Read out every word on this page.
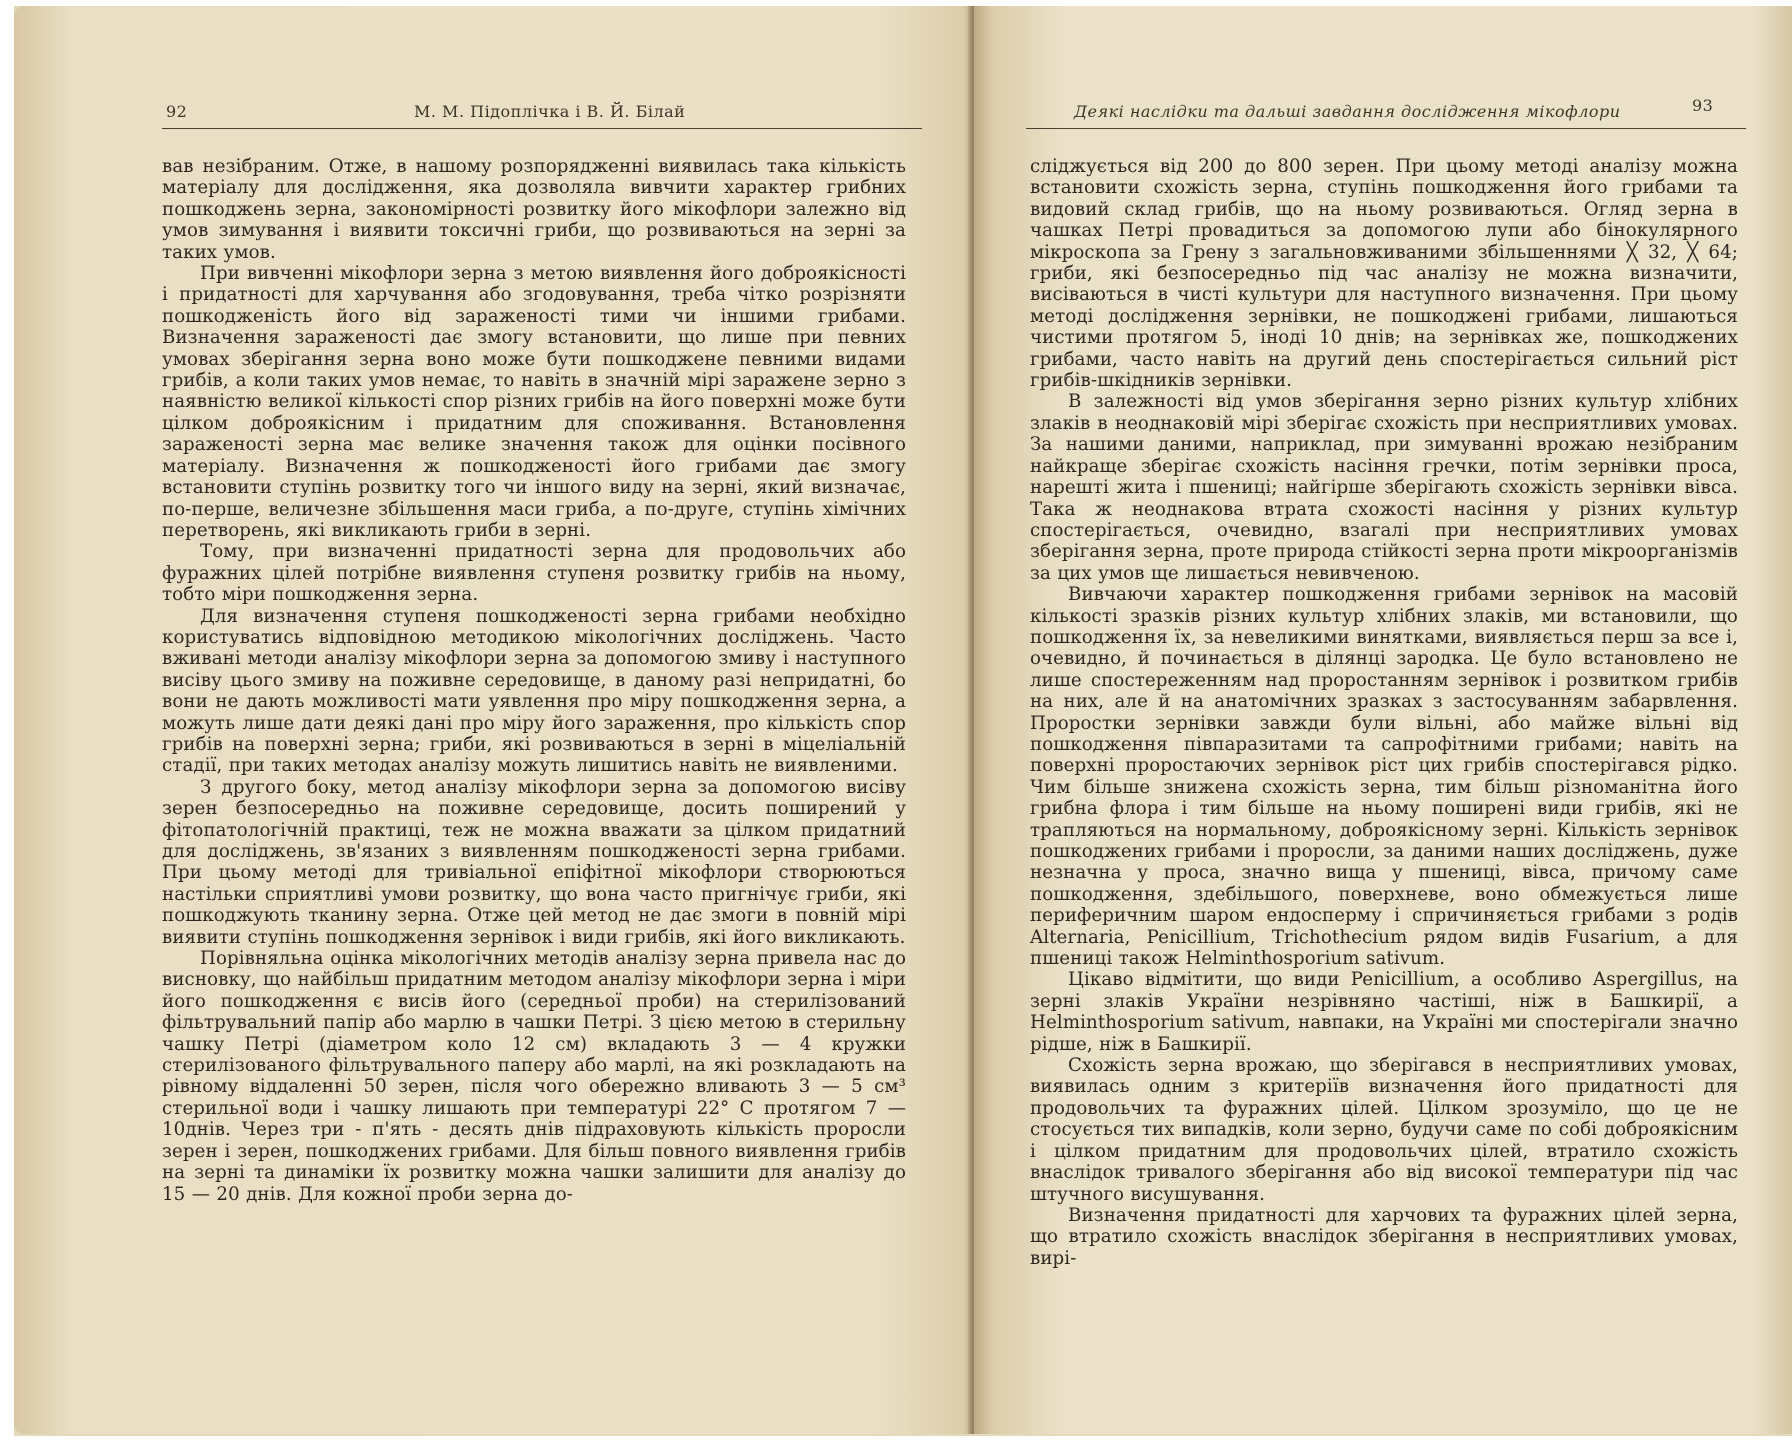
92	М. М. Підоплічка і В. Й. Білай

вав незібраним. Отже, в нашому розпорядженні виявилась така кількість матеріалу для дослідження, яка дозволяла вивчити характер грибних пошкоджень зерна, закономірності розвитку його мікофлори залежно від умов зимування і виявити токсичні гриби, що розвиваються на зерні за таких умов.

При вивченні мікофлори зерна з метою виявлення його доброякісності і придатності для харчування або згодовування, треба чітко розрізняти пошкодженість його від зараженості тими чи іншими грибами. Визначення зараженості дає змогу встановити, що лише при певних умовах зберігання зерна воно може бути пошкоджене певними видами грибів, а коли таких умов немає, то навіть в значній мірі заражене зерно з наявністю великої кількості спор різних грибів на його поверхні може бути цілком доброякісним і придатним для споживання. Встановлення зараженості зерна має велике значення також для оцінки посівного матеріалу. Визначення ж пошкодженості його грибами дає змогу встановити ступінь розвитку того чи іншого виду на зерні, який визначає, по-перше, величезне збільшення маси гриба, а по-друге, ступінь хімічних перетворень, які викликають гриби в зерні.

Тому, при визначенні придатності зерна для продовольчих або фуражних цілей потрібне виявлення ступеня розвитку грибів на ньому, тобто міри пошкодження зерна.

Для визначення ступеня пошкодженості зерна грибами необхідно користуватись відповідною методикою мікологічних досліджень. Часто вживані методи аналізу мікофлори зерна за допомогою змиву і наступного висіву цього змиву на поживне середовище, в даному разі непридатні, бо вони не дають можливості мати уявлення про міру пошкодження зерна, а можуть лише дати деякі дані про міру його зараження, про кількість спор грибів на поверхні зерна; гриби, які розвиваються в зерні в міцеліальній стадії, при таких методах аналізу можуть лишитись навіть не виявленими.

З другого боку, метод аналізу мікофлори зерна за допомогою висіву зерен безпосередньо на поживне середовище, досить поширений у фітопатологічній практиці, теж не можна вважати за цілком придатний для досліджень, зв'язаних з виявленням пошкодженості зерна грибами. При цьому методі для тривіальної епіфітної мікофлори створюються настільки сприятливі умови розвитку, що вона часто пригнічує гриби, які пошкоджують тканину зерна. Отже цей метод не дає змоги в повній мірі виявити ступінь пошкодження зернівок і види грибів, які його викликають.

Порівняльна оцінка мікологічних методів аналізу зерна привела нас до висновку, що найбільш придатним методом аналізу мікофлори зерна і міри його пошкодження є висів його (середньої проби) на стерилізований фільтрувальний папір або марлю в чашки Петрі. З цією метою в стерильну чашку Петрі (діаметром коло 12 см) вкладають 3 — 4 кружки стерилізованого фільтрувального паперу або марлі, на які розкладають на рівному віддаленні 50 зерен, після чого обережно вливають 3 — 5 см³ стерильної води і чашку лишають при температурі 22° С протягом 7 — 10днів. Через три - п'ять - десять днів підраховують кількість проросли зерен і зерен, пошкоджених грибами. Для більш повного виявлення грибів на зерні та динаміки їх розвитку можна чашки залишити для аналізу до 15 — 20 днів. Для кожної проби зерна до-

Деякі наслідки та дальші завдання дослідження мікофлори	93

сліджується від 200 до 800 зерен. При цьому методі аналізу можна встановити схожість зерна, ступінь пошкодження його грибами та видовий склад грибів, що на ньому розвиваються. Огляд зерна в чашках Петрі провадиться за допомогою лупи або бінокулярного мікроскопа за Грену з загальновживаними збільшеннями ╳ 32, ╳ 64; гриби, які безпосередньо під час аналізу не можна визначити, висіваються в чисті культури для наступного визначення. При цьому методі дослідження зернівки, не пошкоджені грибами, лишаються чистими протягом 5, іноді 10 днів; на зернівках же, пошкоджених грибами, часто навіть на другий день спостерігається сильний ріст грибів-шкідників зернівки.

В залежності від умов зберігання зерно різних культур хлібних злаків в неоднаковій мірі зберігає схожість при несприятливих умовах. За нашими даними, наприклад, при зимуванні врожаю незібраним найкраще зберігає схожість насіння гречки, потім зернівки проса, нарешті жита і пшениці; найгірше зберігають схожість зернівки вівса. Така ж неоднакова втрата схожості насіння у різних культур спостерігається, очевидно, взагалі при несприятливих умовах зберігання зерна, проте природа стійкості зерна проти мікроорганізмів за цих умов ще лишається невивченою.

Вивчаючи характер пошкодження грибами зернівок на масовій кількості зразків різних культур хлібних злаків, ми встановили, що пошкодження їх, за невеликими винятками, виявляється перш за все і, очевидно, й починається в ділянці зародка. Це було встановлено не лише спостереженням над проростанням зернівок і розвитком грибів на них, але й на анатомічних зразках з застосуванням забарвлення. Проростки зернівки завжди були вільні, або майже вільні від пошкодження півпаразитами та сапрофітними грибами; навіть на поверхні проростаючих зернівок ріст цих грибів спостерігався рідко. Чим більше знижена схожість зерна, тим більш різноманітна його грибна флора і тим більше на ньому поширені види грибів, які не трапляються на нормальному, доброякісному зерні. Кількість зернівок пошкоджених грибами і проросли, за даними наших досліджень, дуже незначна у проса, значно вища у пшениці, вівса, причому саме пошкодження, здебільшого, поверхневе, воно обмежується лише периферичним шаром ендосперму і спричиняється грибами з родів Alternaria, Penicillium, Trichothecium рядом видів Fusarium, а для пшениці також Helminthosporium sativum.

Цікаво відмітити, що види Penicillium, а особливо Aspergillus, на зерні злаків України незрівняно частіші, ніж в Башкирії, а Helminthosporium sativum, навпаки, на Україні ми спостерігали значно рідше, ніж в Башкирії.

Схожість зерна врожаю, що зберігався в несприятливих умовах, виявилась одним з критеріїв визначення його придатності для продовольчих та фуражних цілей. Цілком зрозуміло, що це не стосується тих випадків, коли зерно, будучи саме по собі доброякісним і цілком придатним для продовольчих цілей, втратило схожість внаслідок тривалого зберігання або від високої температури під час штучного висушування.

Визначення придатності для харчових та фуражних цілей зерна, що втратило схожість внаслідок зберігання в несприятливих умовах, вирі-
